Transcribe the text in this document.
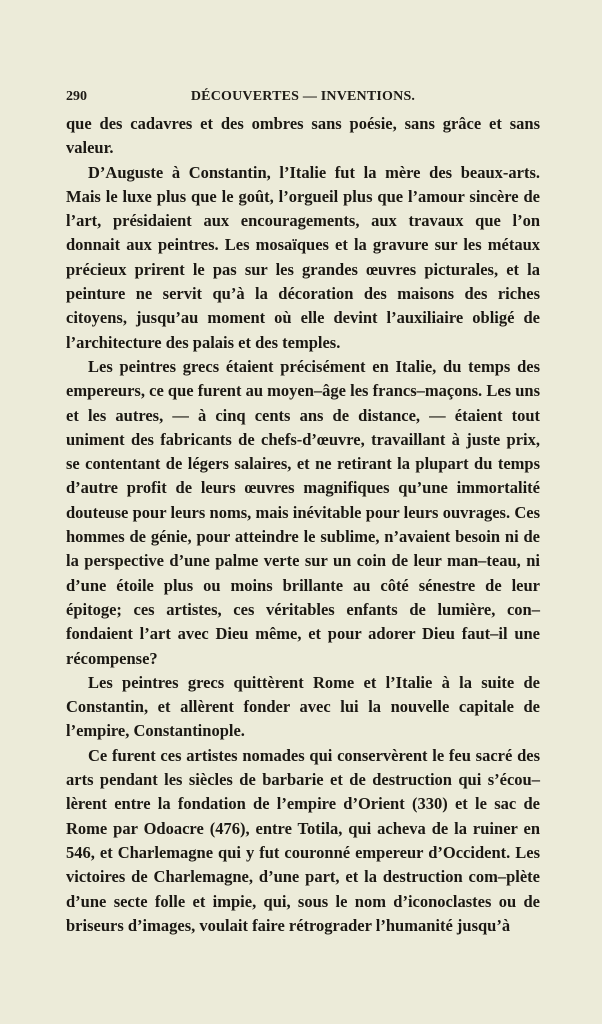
290	DÉCOUVERTES — INVENTIONS.

que des cadavres et des ombres sans poésie, sans grâce et sans valeur.

D’Auguste à Constantin, l’Italie fut la mère des beaux-arts. Mais le luxe plus que le goût, l’orgueil plus que l’amour sincère de l’art, présidaient aux encouragements, aux travaux que l’on donnait aux peintres. Les mosaïques et la gravure sur les métaux précieux prirent le pas sur les grandes œuvres picturales, et la peinture ne servit qu’à la décoration des maisons des riches citoyens, jusqu’au moment où elle devint l’auxiliaire obligé de l’architecture des palais et des temples.

Les peintres grecs étaient précisément en Italie, du temps des empereurs, ce que furent au moyen–âge les francs–maçons. Les uns et les autres, — à cinq cents ans de distance, — étaient tout uniment des fabricants de chefs-d’œuvre, travaillant à juste prix, se contentant de légers salaires, et ne retirant la plupart du temps d’autre profit de leurs œuvres magnifiques qu’une immortalité douteuse pour leurs noms, mais inévitable pour leurs ouvrages. Ces hommes de génie, pour atteindre le sublime, n’avaient besoin ni de la perspective d’une palme verte sur un coin de leur man–teau, ni d’une étoile plus ou moins brillante au côté sénestre de leur épitoge; ces artistes, ces véritables enfants de lumière, con–fondaient l’art avec Dieu même, et pour adorer Dieu faut–il une récompense?

Les peintres grecs quittèrent Rome et l’Italie à la suite de Constantin, et allèrent fonder avec lui la nouvelle capitale de l’empire, Constantinople.

Ce furent ces artistes nomades qui conservèrent le feu sacré des arts pendant les siècles de barbarie et de destruction qui s’écou–lèrent entre la fondation de l’empire d’Orient (330) et le sac de Rome par Odoacre (476), entre Totila, qui acheva de la ruiner en 546, et Charlemagne qui y fut couronné empereur d’Occident. Les victoires de Charlemagne, d’une part, et la destruction com–plète d’une secte folle et impie, qui, sous le nom d’iconoclastes ou de briseurs d’images, voulait faire rétrograder l’humanité jusqu’à
